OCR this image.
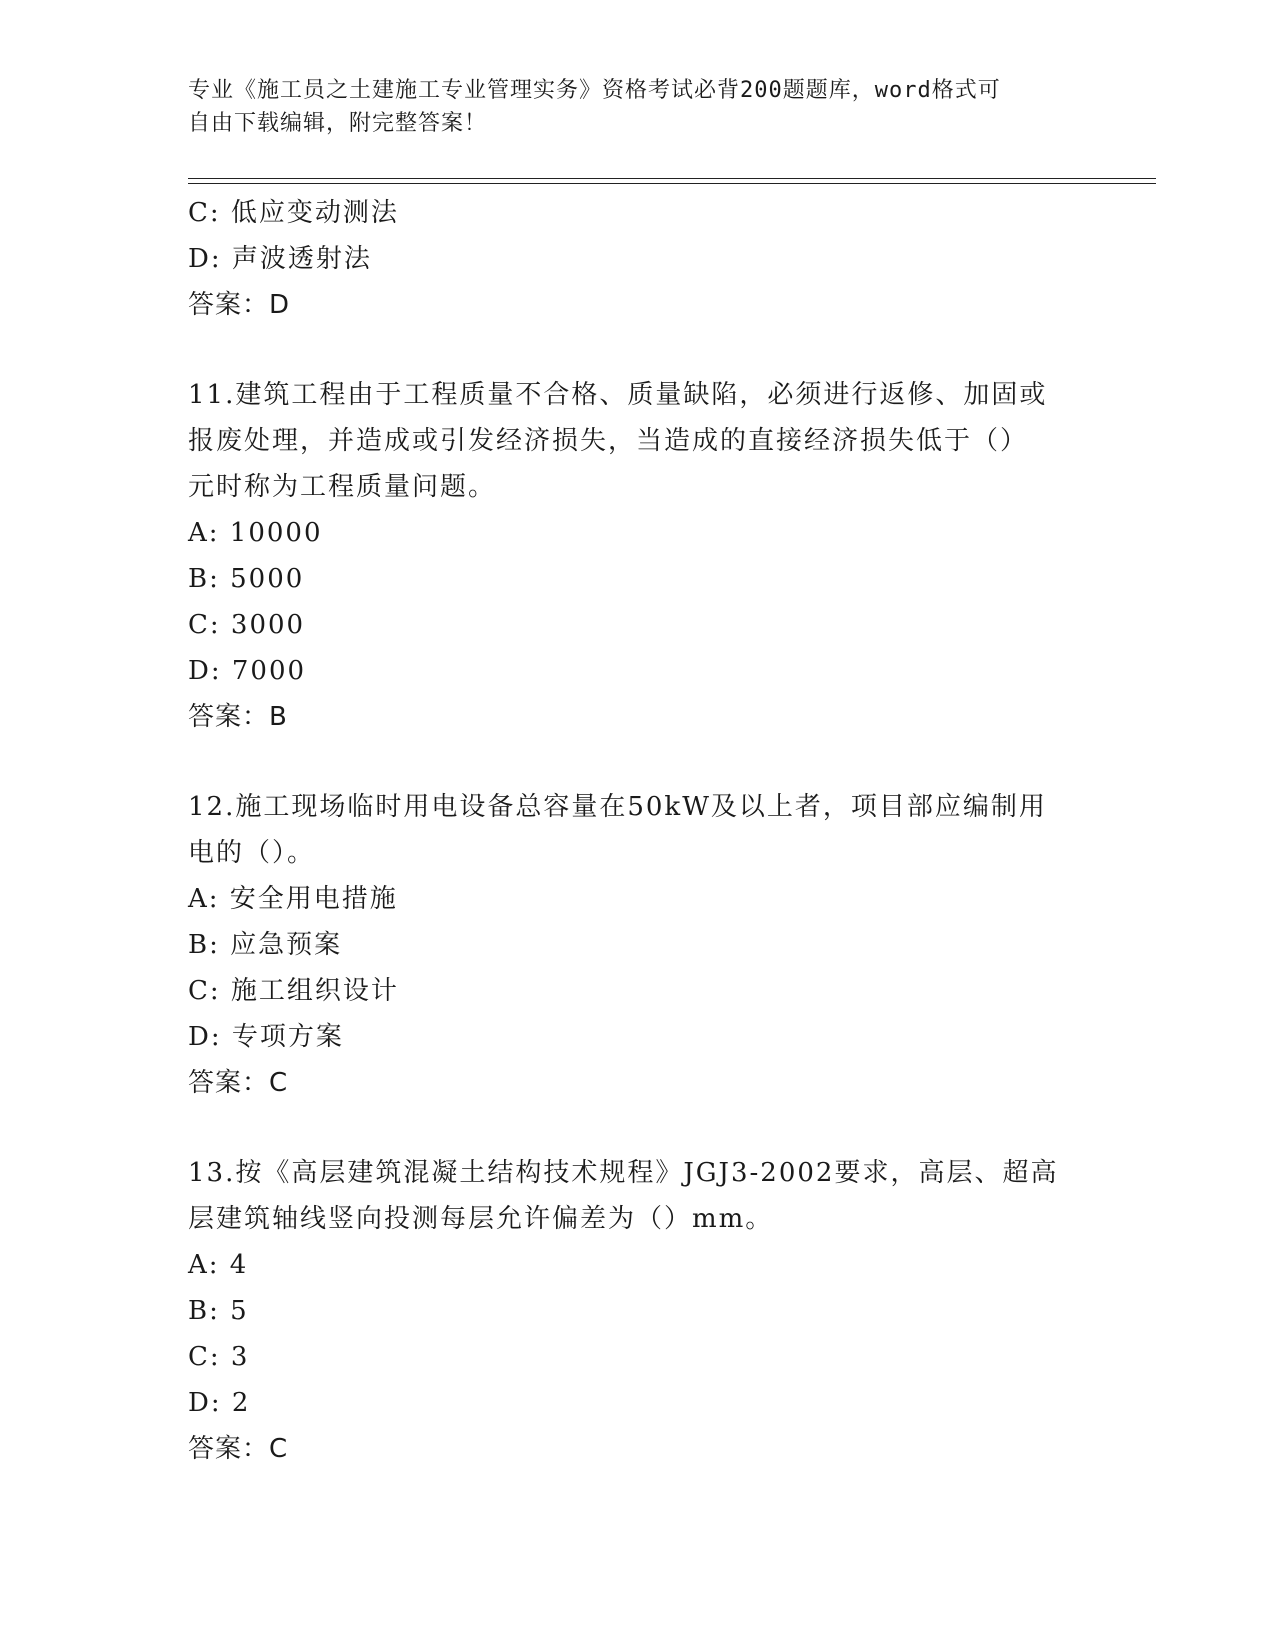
专业《施工员之土建施工专业管理实务》资格考试必背200题题库，word格式可
自由下载编辑，附完整答案！
C: 低应变动测法
D: 声波透射法
答案：D
11.建筑工程由于工程质量不合格、质量缺陷，必须进行返修、加固或
报废处理，并造成或引发经济损失，当造成的直接经济损失低于（）
元时称为工程质量问题。
A: 10000
B: 5000
C: 3000
D: 7000
答案：B
12.施工现场临时用电设备总容量在50kW及以上者，项目部应编制用
电的（）。
A: 安全用电措施
B: 应急预案
C: 施工组织设计
D: 专项方案
答案：C
13.按《高层建筑混凝土结构技术规程》JGJ3-2002要求，高层、超高
层建筑轴线竖向投测每层允许偏差为（）mm。
A: 4
B: 5
C: 3
D: 2
答案：C
